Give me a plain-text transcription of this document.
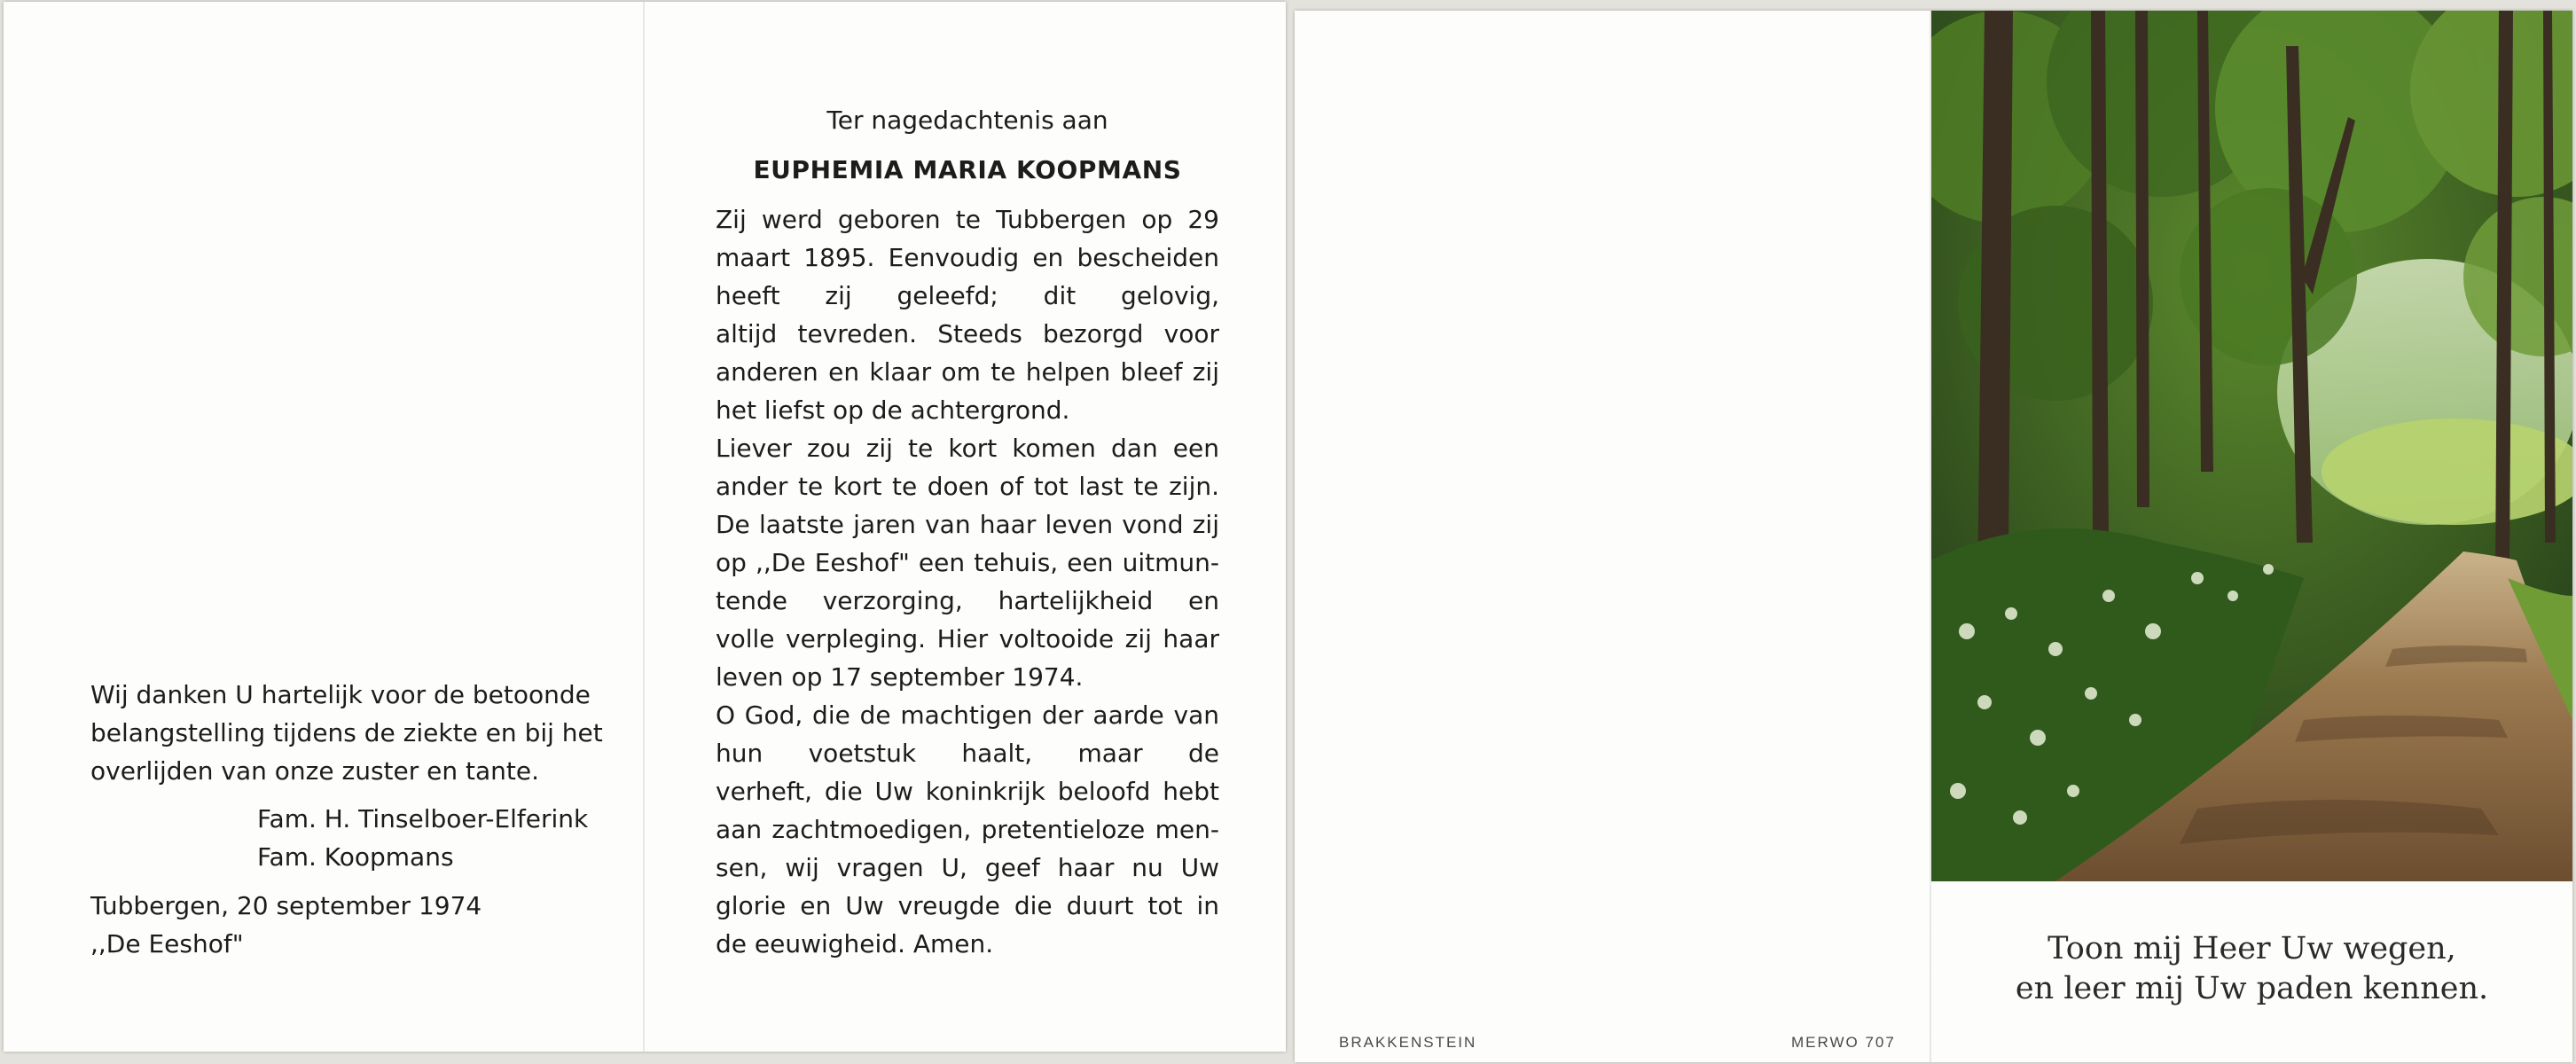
Wij danken U hartelijk voor de betoonde
belangstelling tijdens de ziekte en bij het
overlijden van onze zuster en tante.
Fam. H. Tinselboer-Elferink
Fam. Koopmans
Tubbergen, 20 september 1974
,,De Eeshof"
Ter nagedachtenis aan
EUPHEMIA MARIA KOOPMANS
Zij werd geboren te Tubbergen op 29
maart 1895. Eenvoudig en bescheiden
heeft zij geleefd; dit gelovig,
altijd tevreden. Steeds bezorgd voor
anderen en klaar om te helpen bleef zij
het liefst op de achtergrond.
Liever zou zij te kort komen dan een
ander te kort te doen of tot last te zijn.
De laatste jaren van haar leven vond zij
op ,,De Eeshof" een tehuis, een uitmun-
tende verzorging, hartelijkheid en
volle verpleging. Hier voltooide zij haar
leven op 17 september 1974.
O God, die de machtigen der aarde van
hun voetstuk haalt, maar de
verheft, die Uw koninkrijk beloofd hebt
aan zachtmoedigen, pretentieloze men-
sen, wij vragen U, geef haar nu Uw
glorie en Uw vreugde die duurt tot in
de eeuwigheid. Amen.
BRAKKENSTEIN	MERWO 707
Toon mij Heer Uw wegen,
en leer mij Uw paden kennen.
